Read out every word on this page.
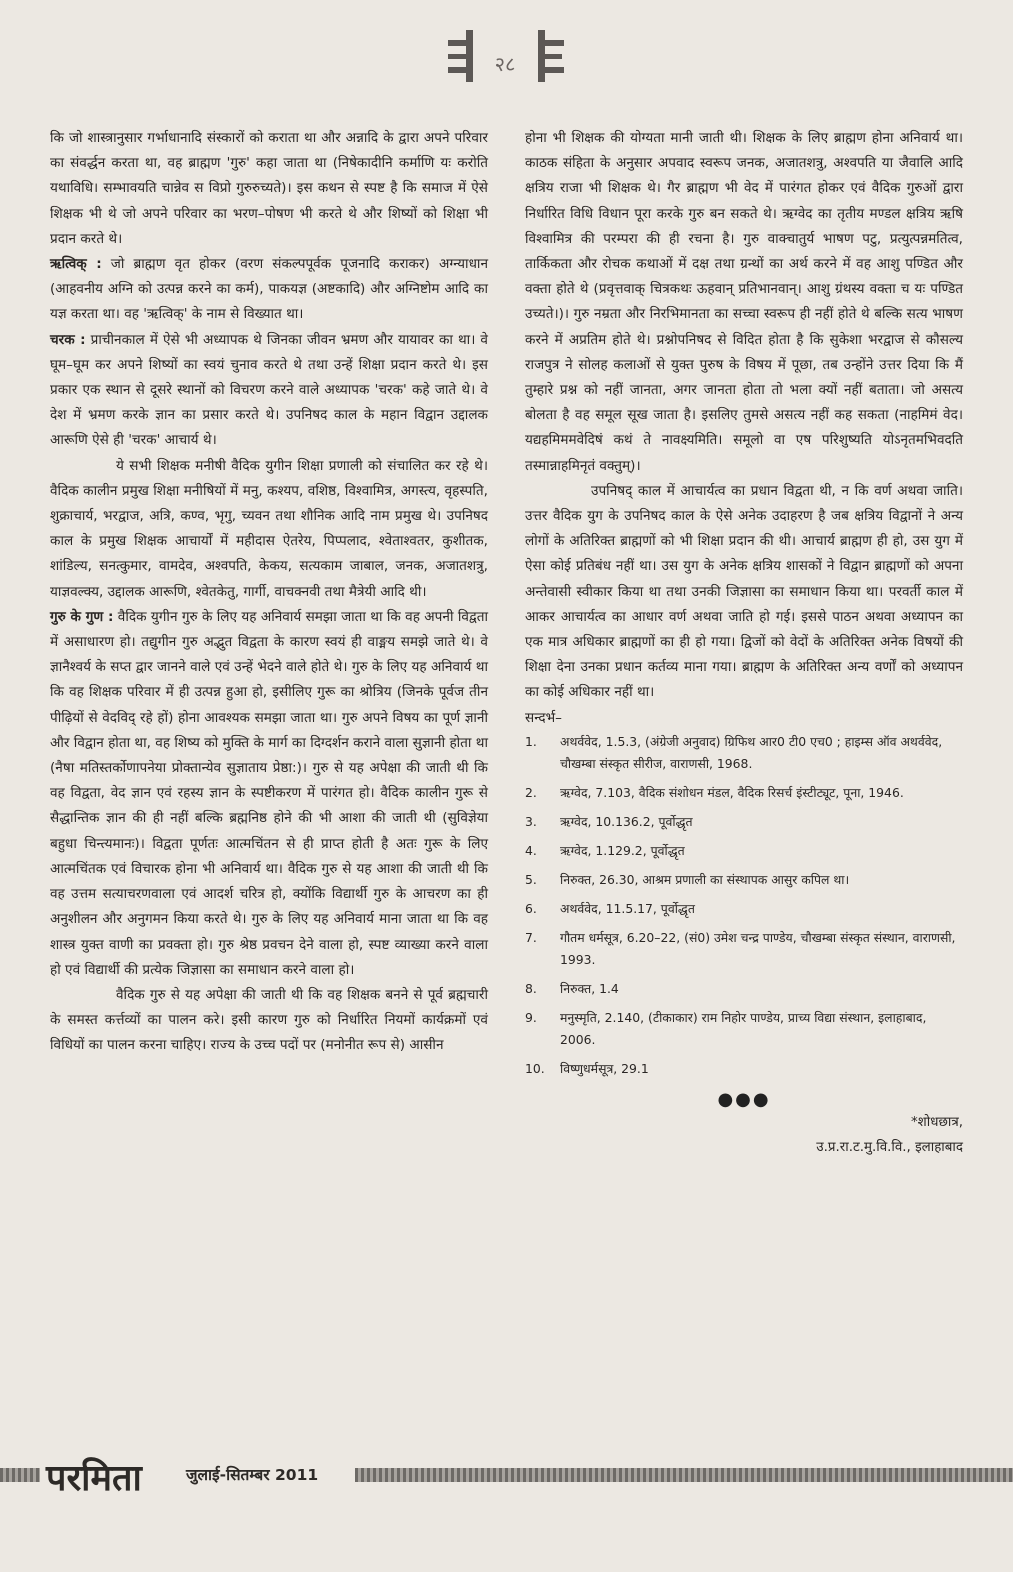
२८

कि जो शास्त्रानुसार गर्भाधानादि संस्कारों को कराता था और अन्नादि के द्वारा अपने परिवार का संवर्द्धन करता था, वह ब्राह्मण 'गुरु' कहा जाता था (निषेकादीनि कर्माणि यः करोति यथाविधि। सम्भावयति चान्नेव स विप्रो गुरुरुच्यते)। इस कथन से स्पष्ट है कि समाज में ऐसे शिक्षक भी थे जो अपने परिवार का भरण–पोषण भी करते थे और शिष्यों को शिक्षा भी प्रदान करते थे।

ऋत्विक् : जो ब्राह्मण वृत होकर (वरण संकल्पपूर्वक पूजनादि कराकर) अग्न्याधान (आहवनीय अग्नि को उत्पन्न करने का कर्म), पाकयज्ञ (अष्टकादि) और अग्निष्टोम आदि का यज्ञ करता था। वह 'ऋत्विक्' के नाम से विख्यात था।

चरक : प्राचीनकाल में ऐसे भी अध्यापक थे जिनका जीवन भ्रमण और यायावर का था। वे घूम–घूम कर अपने शिष्यों का स्वयं चुनाव करते थे तथा उन्हें शिक्षा प्रदान करते थे। इस प्रकार एक स्थान से दूसरे स्थानों को विचरण करने वाले अध्यापक 'चरक' कहे जाते थे। वे देश में भ्रमण करके ज्ञान का प्रसार करते थे। उपनिषद काल के महान विद्वान उद्दालक आरूणि ऐसे ही 'चरक' आचार्य थे।

ये सभी शिक्षक मनीषी वैदिक युगीन शिक्षा प्रणाली को संचालित कर रहे थे। वैदिक कालीन प्रमुख शिक्षा मनीषियों में मनु, कश्यप, वशिष्ठ, विश्वामित्र, अगस्त्य, वृहस्पति, शुक्राचार्य, भरद्वाज, अत्रि, कण्व, भृगु, च्यवन तथा शौनिक आदि नाम प्रमुख थे। उपनिषद काल के प्रमुख शिक्षक आचार्यों में महीदास ऐतरेय, पिप्पलाद, श्वेताश्वतर, कुशीतक, शांडिल्य, सनत्कुमार, वामदेव, अश्वपति, केकय, सत्यकाम जाबाल, जनक, अजातशत्रु, याज्ञवल्क्य, उद्दालक आरूणि, श्वेतकेतु, गार्गी, वाचक्नवी तथा मैत्रेयी आदि थी।

गुरु के गुण : वैदिक युगीन गुरु के लिए यह अनिवार्य समझा जाता था कि वह अपनी विद्वता में असाधारण हो। तद्युगीन गुरु अद्भुत विद्वता के कारण स्वयं ही वाङ्मय समझे जाते थे। वे ज्ञानैश्वर्य के सप्त द्वार जानने वाले एवं उन्हें भेदने वाले होते थे। गुरु के लिए यह अनिवार्य था कि वह शिक्षक परिवार में ही उत्पन्न हुआ हो, इसीलिए गुरू का श्रोत्रिय (जिनके पूर्वज तीन पीढ़ियों से वेदविद् रहे हों) होना आवश्यक समझा जाता था। गुरु अपने विषय का पूर्ण ज्ञानी और विद्वान होता था, वह शिष्य को मुक्ति के मार्ग का दिग्दर्शन कराने वाला सुज्ञानी होता था (नैषा मतिस्तर्कोणापनेया प्रोक्तान्येव सुज्ञाताय प्रेष्ठा:)। गुरु से यह अपेक्षा की जाती थी कि वह विद्वता, वेद ज्ञान एवं रहस्य ज्ञान के स्पष्टीकरण में पारंगत हो। वैदिक कालीन गुरू से सैद्धान्तिक ज्ञान की ही नहीं बल्कि ब्रह्मनिष्ठ होने की भी आशा की जाती थी (सुविज्ञेया बहुधा चिन्त्यमानः)। विद्वता पूर्णतः आत्मचिंतन से ही प्राप्त होती है अतः गुरू के लिए आत्मचिंतक एवं विचारक होना भी अनिवार्य था। वैदिक गुरु से यह आशा की जाती थी कि वह उत्तम सत्याचरणवाला एवं आदर्श चरित्र हो, क्योंकि विद्यार्थी गुरु के आचरण का ही अनुशीलन और अनुगमन किया करते थे। गुरु के लिए यह अनिवार्य माना जाता था कि वह शास्त्र युक्त वाणी का प्रवक्ता हो। गुरु श्रेष्ठ प्रवचन देने वाला हो, स्पष्ट व्याख्या करने वाला हो एवं विद्यार्थी की प्रत्येक जिज्ञासा का समाधान करने वाला हो।

वैदिक गुरु से यह अपेक्षा की जाती थी कि वह शिक्षक बनने से पूर्व ब्रह्मचारी के समस्त कर्त्तव्यों का पालन करे। इसी कारण गुरु को निर्धारित नियमों कार्यक्रमों एवं विधियों का पालन करना चाहिए। राज्य के उच्च पदों पर (मनोनीत रूप से) आसीन

होना भी शिक्षक की योग्यता मानी जाती थी। शिक्षक के लिए ब्राह्मण होना अनिवार्य था। काठक संहिता के अनुसार अपवाद स्वरूप जनक, अजातशत्रु, अश्वपति या जैवालि आदि क्षत्रिय राजा भी शिक्षक थे। गैर ब्राह्मण भी वेद में पारंगत होकर एवं वैदिक गुरुओं द्वारा निर्धारित विधि विधान पूरा करके गुरु बन सकते थे। ऋग्वेद का तृतीय मण्डल क्षत्रिय ऋषि विश्वामित्र की परम्परा की ही रचना है। गुरु वाक्चातुर्य भाषण पटु, प्रत्युत्पन्नमतित्व, तार्किकता और रोचक कथाओं में दक्ष तथा ग्रन्थों का अर्थ करने में वह आशु पण्डित और वक्ता होते थे (प्रवृत्तवाक् चित्रकथः ऊहवान् प्रतिभानवान्। आशु ग्रंथस्य वक्ता च यः पण्डित उच्यते।)। गुरु नम्रता और निरभिमानता का सच्चा स्वरूप ही नहीं होते थे बल्कि सत्य भाषण करने में अप्रतिम होते थे। प्रश्नोपनिषद से विदित होता है कि सुकेशा भरद्वाज से कौसल्य राजपुत्र ने सोलह कलाओं से युक्त पुरुष के विषय में पूछा, तब उन्होंने उत्तर दिया कि मैं तुम्हारे प्रश्न को नहीं जानता, अगर जानता होता तो भला क्यों नहीं बताता। जो असत्य बोलता है वह समूल सूख जाता है। इसलिए तुमसे असत्य नहीं कह सकता (नाहमिमं वेद। यद्यहमिममवेदिषं कथं ते नावक्ष्यमिति। समूलो वा एष परिशुष्यति योऽनृतमभिवदति तस्मान्नाहमिनृतं वक्तुम्)।

उपनिषद् काल में आचार्यत्व का प्रधान विद्वता थी, न कि वर्ण अथवा जाति। उत्तर वैदिक युग के उपनिषद काल के ऐसे अनेक उदाहरण है जब क्षत्रिय विद्वानों ने अन्य लोगों के अतिरिक्त ब्राह्मणों को भी शिक्षा प्रदान की थी। आचार्य ब्राह्मण ही हो, उस युग में ऐसा कोई प्रतिबंध नहीं था। उस युग के अनेक क्षत्रिय शासकों ने विद्वान ब्राह्मणों को अपना अन्तेवासी स्वीकार किया था तथा उनकी जिज्ञासा का समाधान किया था। परवर्ती काल में आकर आचार्यत्व का आधार वर्ण अथवा जाति हो गई। इससे पाठन अथवा अध्यापन का एक मात्र अधिकार ब्राह्मणों का ही हो गया। द्विजों को वेदों के अतिरिक्त अनेक विषयों की शिक्षा देना उनका प्रधान कर्तव्य माना गया। ब्राह्मण के अतिरिक्त अन्य वर्णों को अध्यापन का कोई अधिकार नहीं था।

सन्दर्भ–

1.	अथर्ववेद, 1.5.3, (अंग्रेजी अनुवाद) ग्रिफिथ आर0 टी0 एच0 ; हाइम्स ऑव अथर्ववेद, चौखम्बा संस्कृत सीरीज, वाराणसी, 1968.
2.	ऋग्वेद, 7.103, वैदिक संशोधन मंडल, वैदिक रिसर्च इंस्टीट्यूट, पूना, 1946.
3.	ऋग्वेद, 10.136.2, पूर्वोद्धृत
4.	ऋग्वेद, 1.129.2, पूर्वोद्धृत
5.	निरुक्त, 26.30, आश्रम प्रणाली का संस्थापक आसुर कपिल था।
6.	अथर्ववेद, 11.5.17, पूर्वोद्धृत
7.	गौतम धर्मसूत्र, 6.20–22, (सं0) उमेश चन्द्र पाण्डेय, चौखम्बा संस्कृत संस्थान, वाराणसी, 1993.
8.	निरुक्त, 1.4
9.	मनुस्मृति, 2.140, (टीकाकार) राम निहोर पाण्डेय, प्राच्य विद्या संस्थान, इलाहाबाद, 2006.
10.	विष्णुधर्मसूत्र, 29.1
●●●
*शोधछात्र,
उ.प्र.रा.ट.मु.वि.वि., इलाहाबाद
परमिता	जुलाई-सितम्बर 2011
